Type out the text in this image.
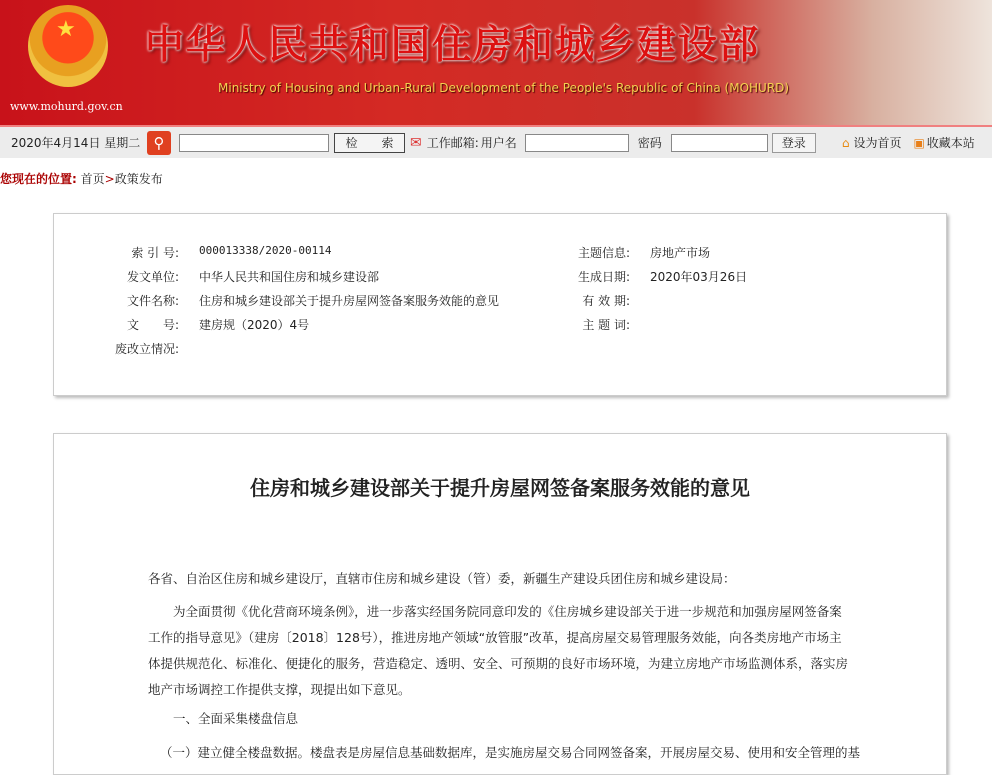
★
www.mohurd.gov.cn
中华人民共和国住房和城乡建设部
Ministry of Housing and Urban-Rural Development of the People's Republic of China (MOHURD)
2020年4月14日 星期二 ⚲	检　　索	✉ 工作邮箱: 用户名	密码	登录	⌂ 设为首页 ▣ 收藏本站
您现在的位置: 首页>政策发布
索 引 号: 000013338/2020-00114
发文单位: 中华人民共和国住房和城乡建设部
文件名称: 住房和城乡建设部关于提升房屋网签备案服务效能的意见
文　　号: 建房规（2020）4号
废改立情况:
主题信息: 房地产市场
生成日期: 2020年03月26日
有 效 期:
主 题 词:
住房和城乡建设部关于提升房屋网签备案服务效能的意见
各省、自治区住房和城乡建设厅，直辖市住房和城乡建设（管）委，新疆生产建设兵团住房和城乡建设局：
为全面贯彻《优化营商环境条例》，进一步落实经国务院同意印发的《住房城乡建设部关于进一步规范和加强房屋网签备案工作的指导意见》（建房〔2018〕128号），推进房地产领域“放管服”改革，提高房屋交易管理服务效能，向各类房地产市场主体提供规范化、标准化、便捷化的服务，营造稳定、透明、安全、可预期的良好市场环境，为建立房地产市场监测体系，落实房地产市场调控工作提供支撑，现提出如下意见。
一、全面采集楼盘信息
（一）建立健全楼盘数据。楼盘表是房屋信息基础数据库，是实施房屋交易合同网签备案，开展房屋交易、使用和安全管理的基
